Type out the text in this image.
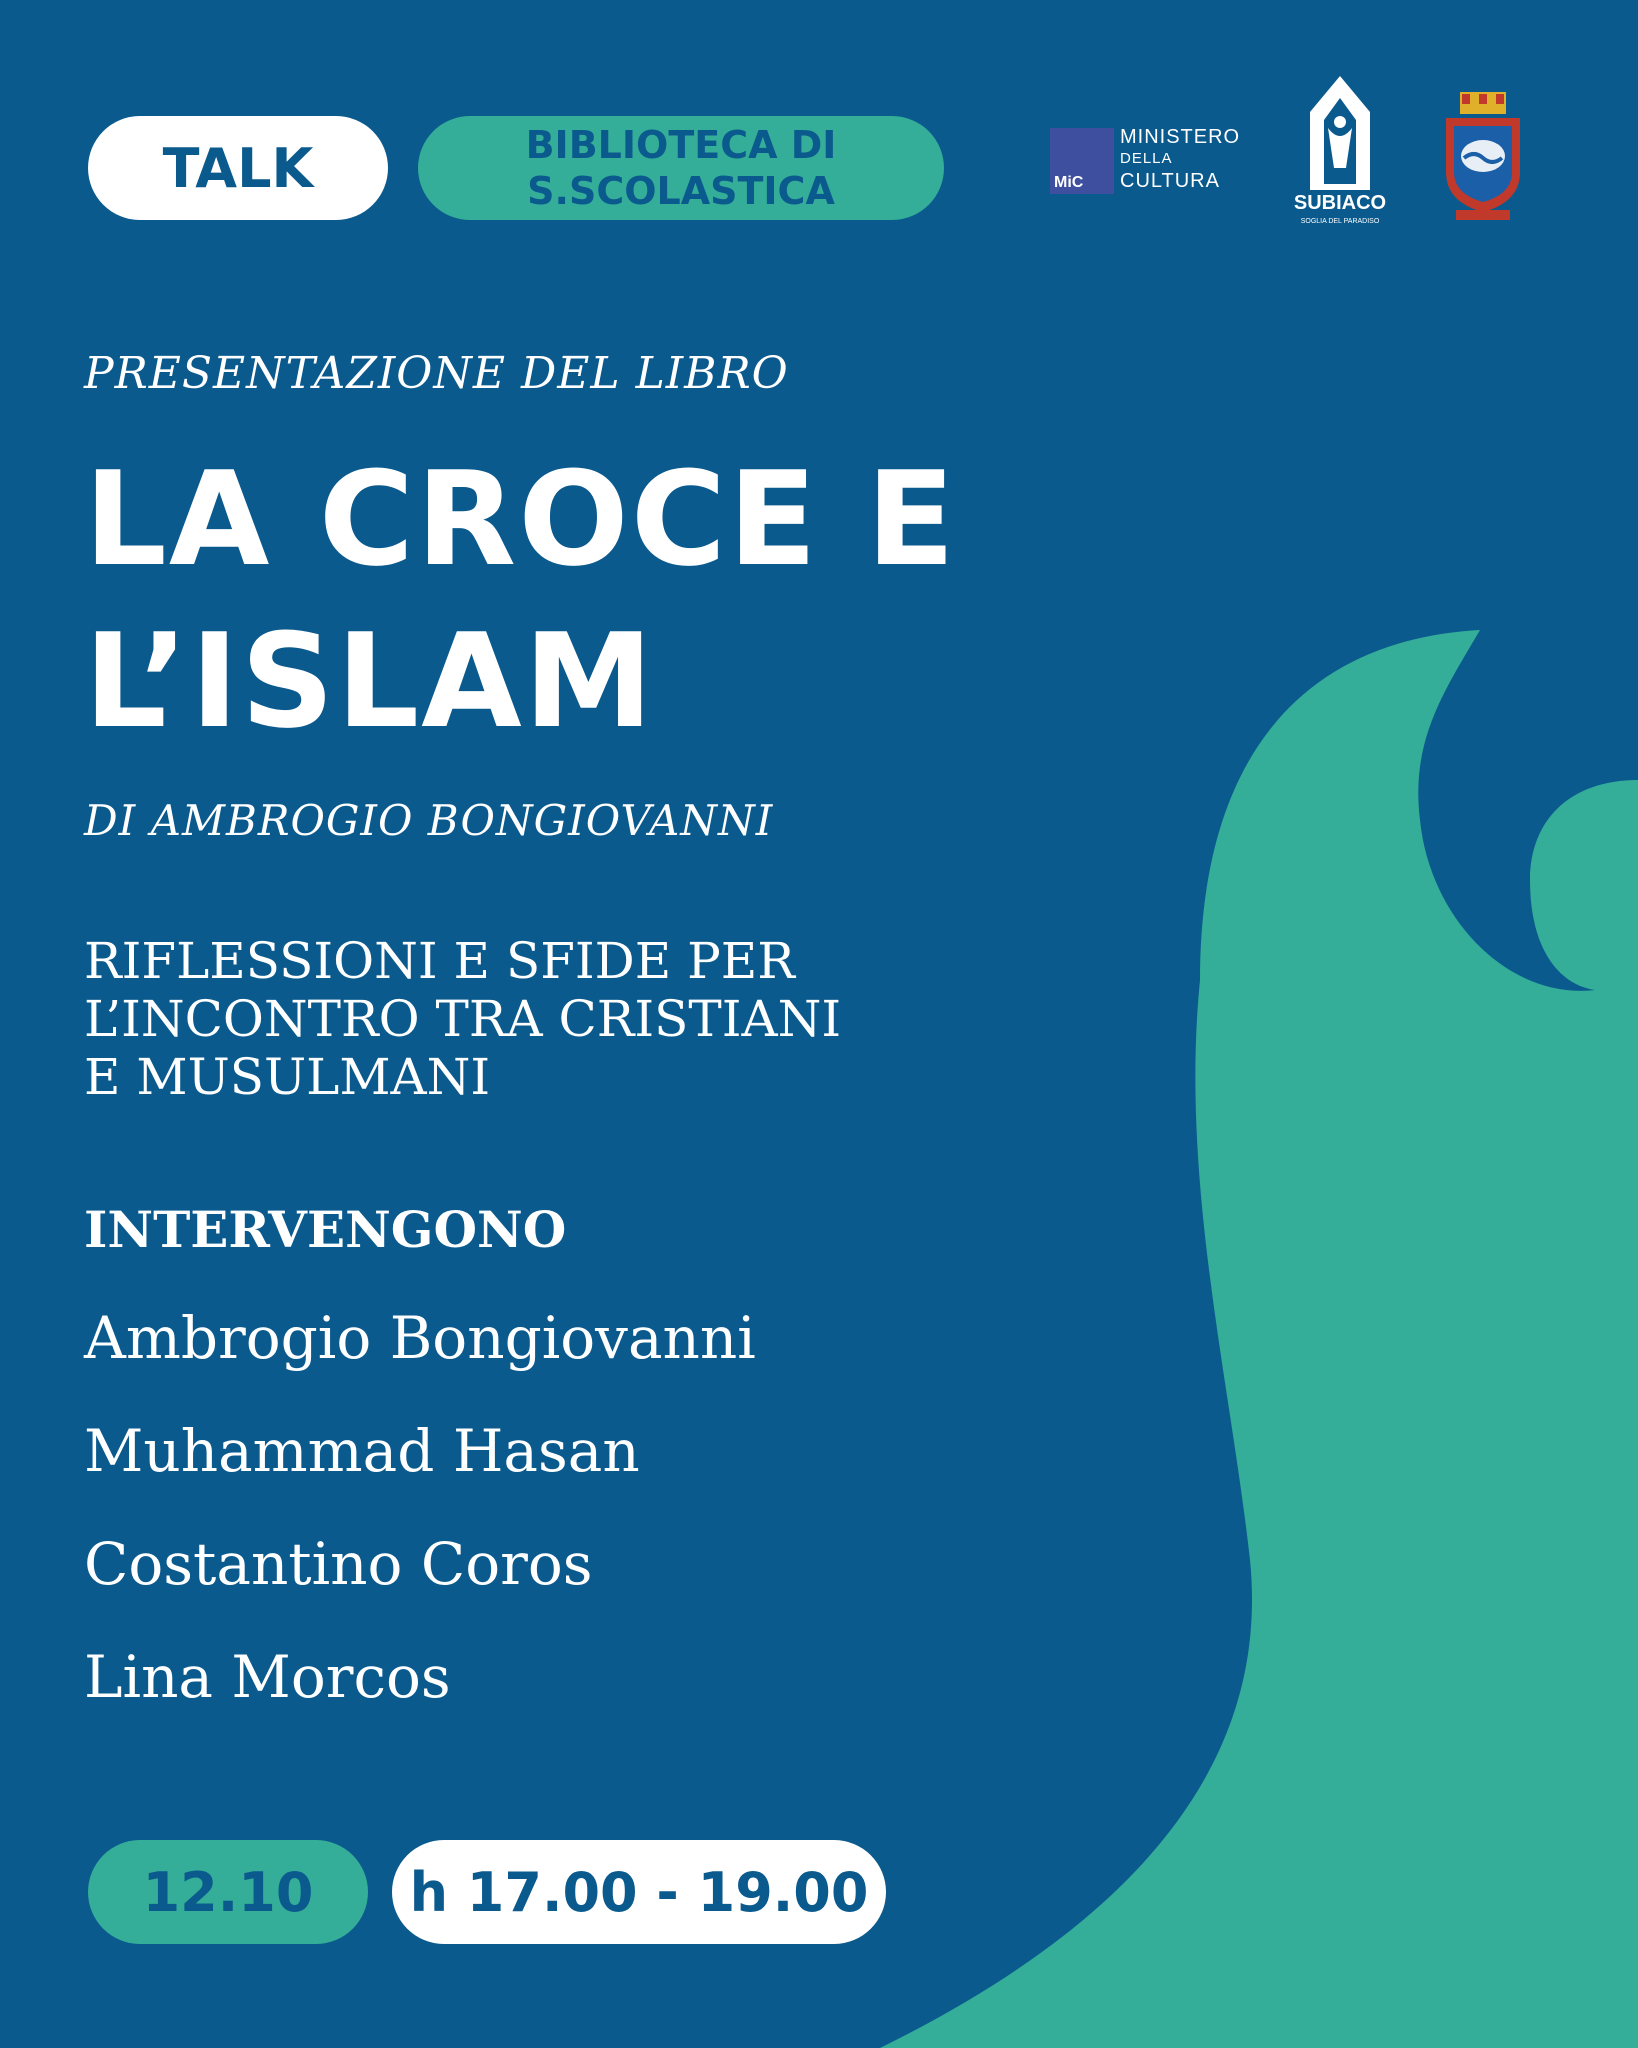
TALK	BIBLIOTECA DI
S.SCOLASTICA	MiC
MINISTERO
DELLA
CULTURA
SUBIACO
SOGLIA DEL PARADISO
PRESENTAZIONE DEL LIBRO
LA CROCE E
L’ISLAM
DI AMBROGIO BONGIOVANNI
RIFLESSIONI E SFIDE PER
L’INCONTRO TRA CRISTIANI
E MUSULMANI
INTERVENGONO
Ambrogio Bongiovanni
Muhammad Hasan
Costantino Coros
Lina Morcos
12.10 h 17.00 - 19.00
